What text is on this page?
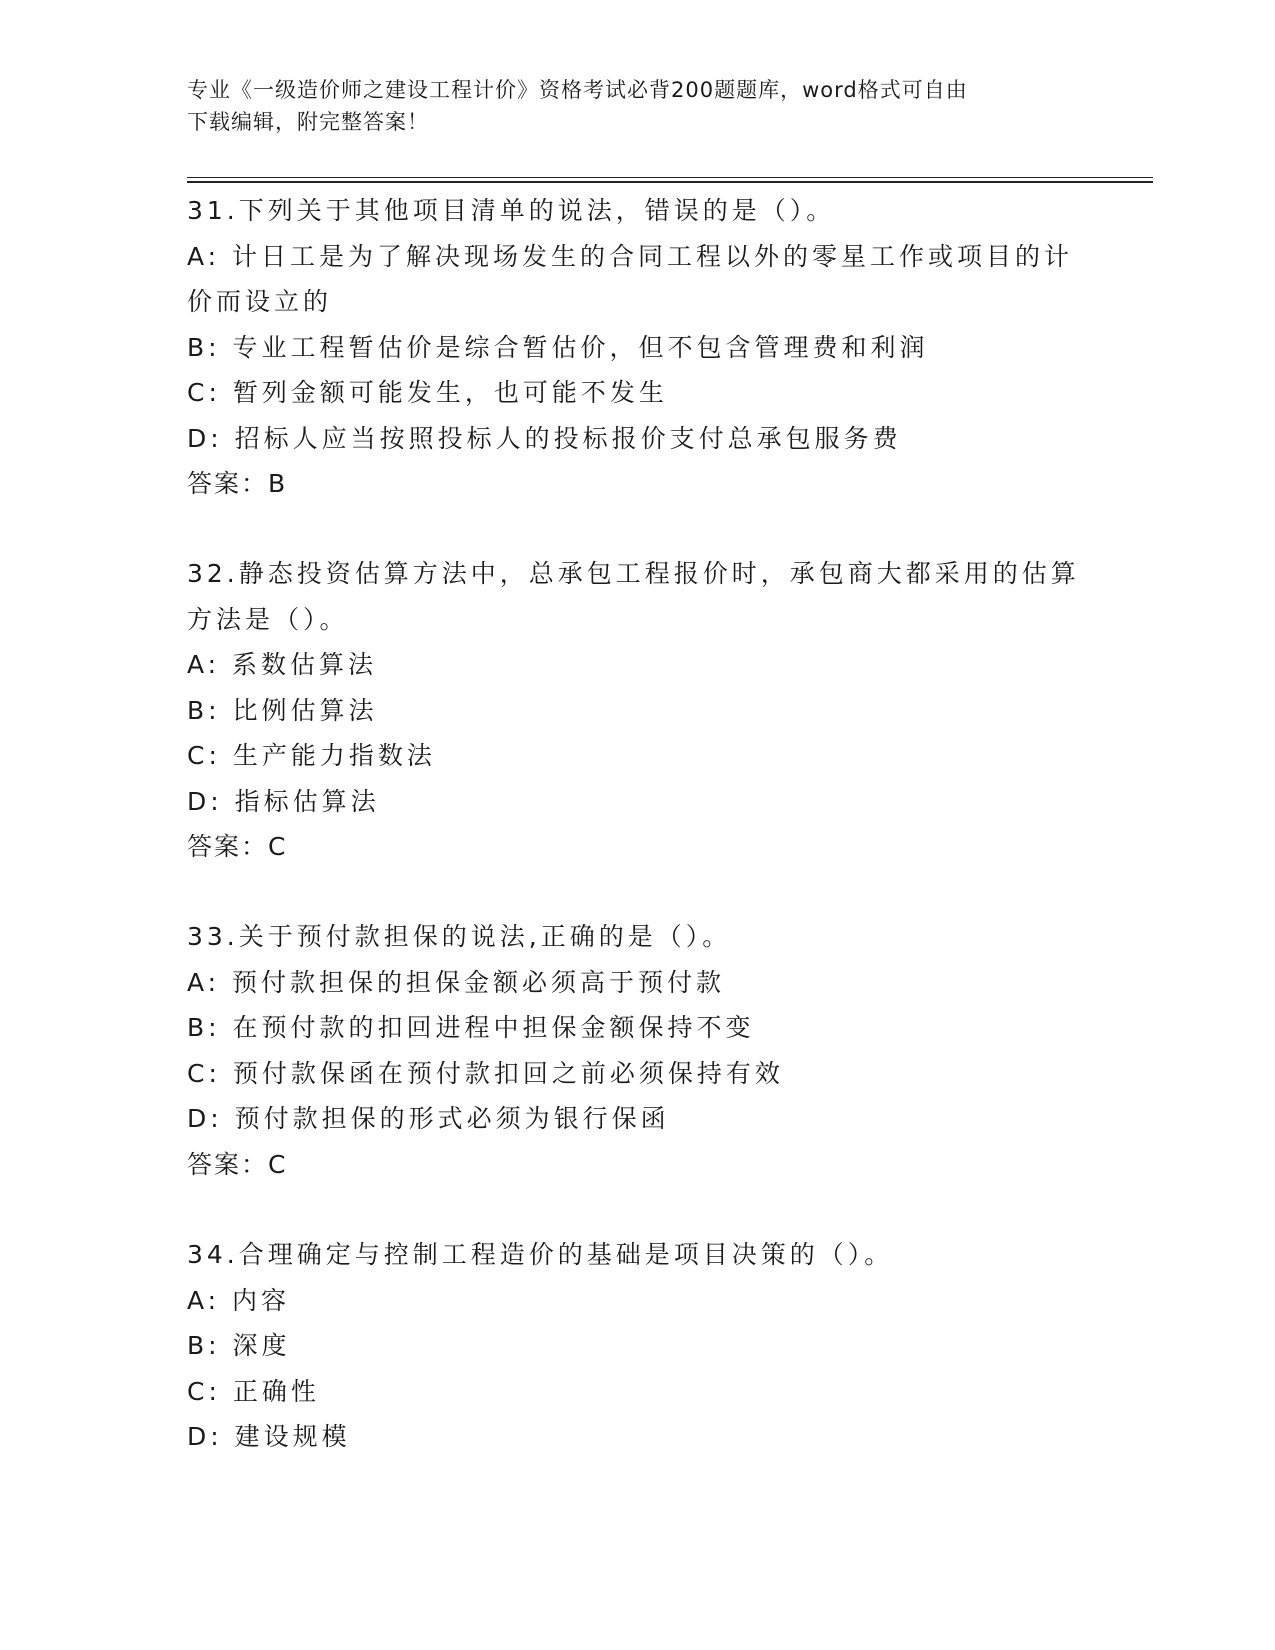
专业《一级造价师之建设工程计价》资格考试必背200题题库，word格式可自由
下载编辑，附完整答案！
31.下列关于其他项目清单的说法，错误的是（）。
A: 计日工是为了解决现场发生的合同工程以外的零星工作或项目的计
价而设立的
B: 专业工程暂估价是综合暂估价，但不包含管理费和利润
C: 暂列金额可能发生，也可能不发生
D: 招标人应当按照投标人的投标报价支付总承包服务费
答案：B
32.静态投资估算方法中，总承包工程报价时，承包商大都采用的估算
方法是（）。
A: 系数估算法
B: 比例估算法
C: 生产能力指数法
D: 指标估算法
答案：C
33.关于预付款担保的说法,正确的是（）。
A: 预付款担保的担保金额必须高于预付款
B: 在预付款的扣回进程中担保金额保持不变
C: 预付款保函在预付款扣回之前必须保持有效
D: 预付款担保的形式必须为银行保函
答案：C
34.合理确定与控制工程造价的基础是项目决策的（）。
A: 内容
B: 深度
C: 正确性
D: 建设规模
